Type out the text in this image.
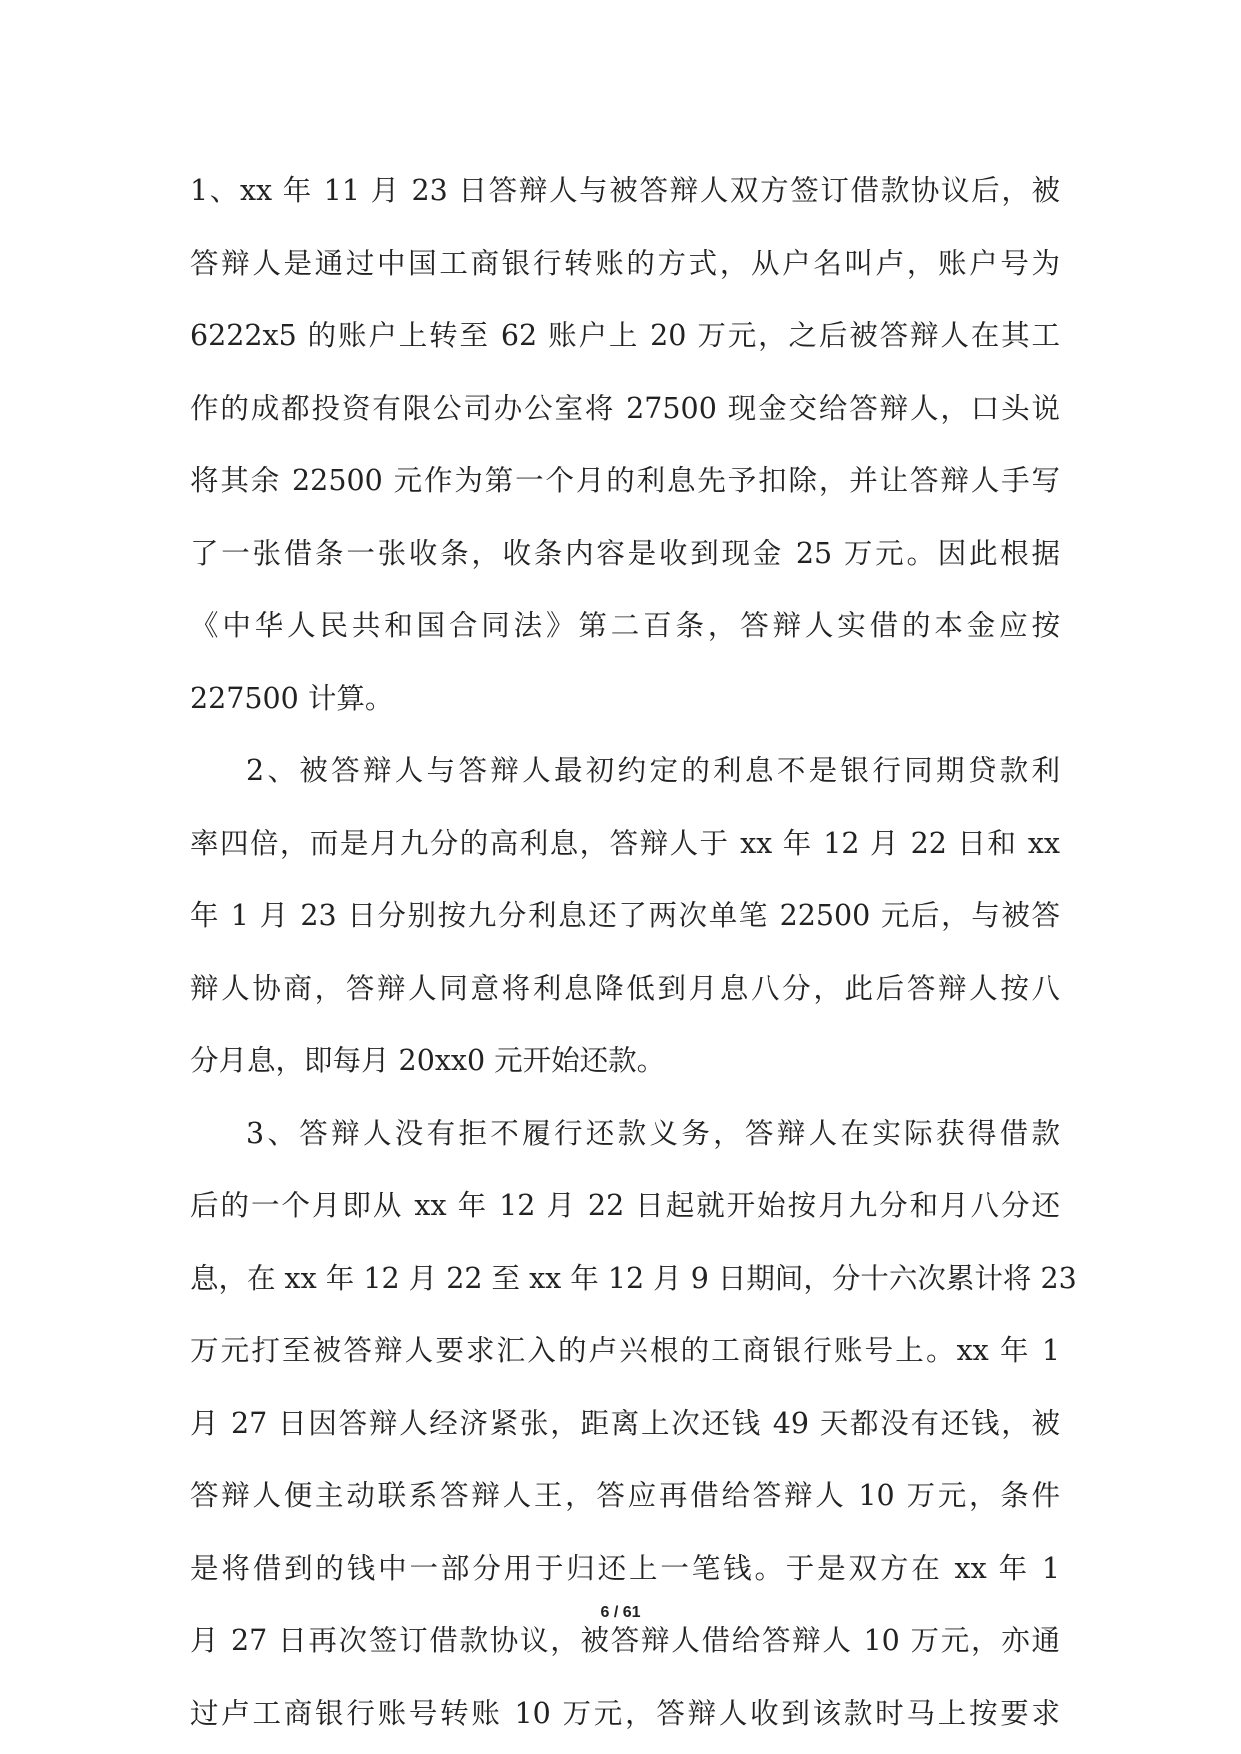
1、xx 年 11 月 23 日答辩人与被答辩人双方签订借款协议后，被
答辩人是通过中国工商银行转账的方式，从户名叫卢，账户号为
6222x5 的账户上转至 62 账户上 20 万元，之后被答辩人在其工
作的成都投资有限公司办公室将 27500 现金交给答辩人，口头说
将其余 22500 元作为第一个月的利息先予扣除，并让答辩人手写
了一张借条一张收条，收条内容是收到现金 25 万元。因此根据
《中华人民共和国合同法》第二百条，答辩人实借的本金应按
227500 计算。
2、被答辩人与答辩人最初约定的利息不是银行同期贷款利
率四倍，而是月九分的高利息，答辩人于 xx 年 12 月 22 日和 xx
年 1 月 23 日分别按九分利息还了两次单笔 22500 元后，与被答
辩人协商，答辩人同意将利息降低到月息八分，此后答辩人按八
分月息，即每月 20xx0 元开始还款。
3、答辩人没有拒不履行还款义务，答辩人在实际获得借款
后的一个月即从 xx 年 12 月 22 日起就开始按月九分和月八分还
息，在 xx 年 12 月 22 至 xx 年 12 月 9 日期间，分十六次累计将 23
万元打至被答辩人要求汇入的卢兴根的工商银行账号上。xx 年 1
月 27 日因答辩人经济紧张，距离上次还钱 49 天都没有还钱，被
答辩人便主动联系答辩人王，答应再借给答辩人 10 万元，条件
是将借到的钱中一部分用于归还上一笔钱。于是双方在 xx 年 1
月 27 日再次签订借款协议，被答辩人借给答辩人 10 万元，亦通
过卢工商银行账号转账 10 万元，答辩人收到该款时马上按要求
6 / 61
